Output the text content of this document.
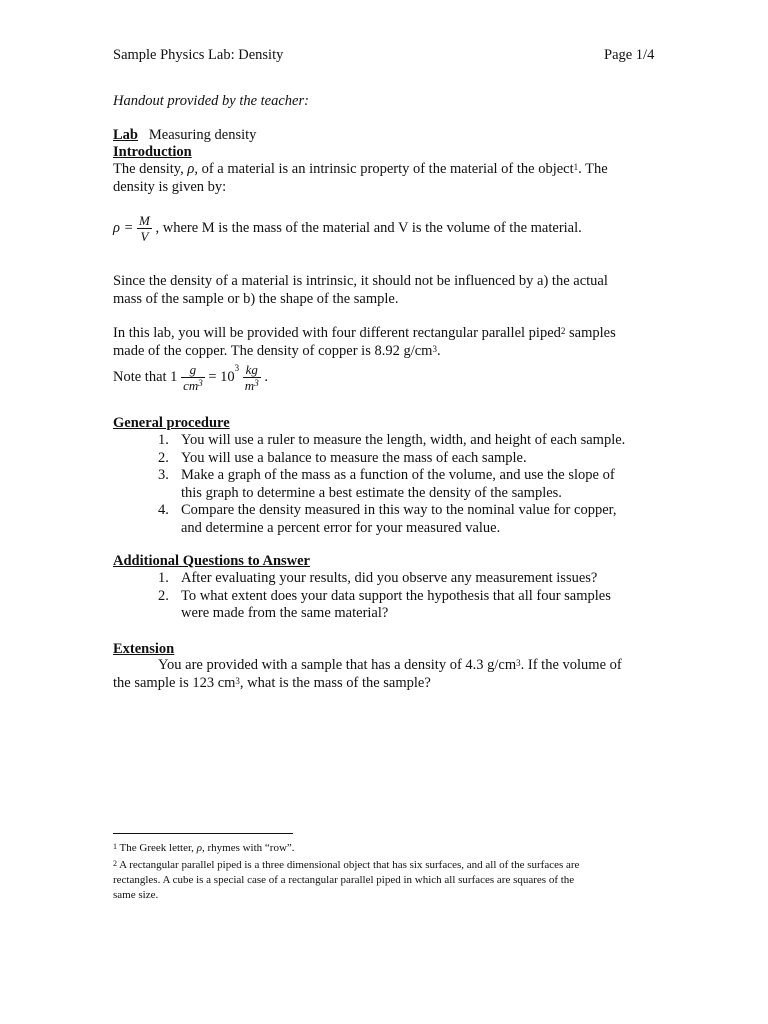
Sample Physics Lab: Density	Page 1/4
Handout provided by the teacher:
Lab Measuring density
Introduction
The density, ρ, of a material is an intrinsic property of the material of the object$^1$. The
density is given by:
$\rho = \frac{M}{V}$ , where M is the mass of the material and V is the volume of the material.
Since the density of a material is intrinsic, it should not be influenced by a) the actual
mass of the sample or b) the shape of the sample.
In this lab, you will be provided with four different rectangular parallel piped$^2$ samples
made of the copper. The density of copper is 8.92 $g/cm^3$.
Note that $1 \frac{g}{cm^3} = 10^3 \frac{kg}{m^3}$ .
General procedure
1. You will use a ruler to measure the length, width, and height of each sample.
2. You will use a balance to measure the mass of each sample.
3. Make a graph of the mass as a function of the volume, and use the slope of
this graph to determine a best estimate the density of the samples.
4. Compare the density measured in this way to the nominal value for copper,
and determine a percent error for your measured value.
Additional Questions to Answer
1. After evaluating your results, did you observe any measurement issues?
2. To what extent does your data support the hypothesis that all four samples
were made from the same material?
Extension
You are provided with a sample that has a density of 4.3 $g/cm^3$. If the volume of
the sample is 123 $cm^3$, what is the mass of the sample?
$^1$ The Greek letter, ρ, rhymes with “row”.
$^2$ A rectangular parallel piped is a three dimensional object that has six surfaces, and all of the surfaces are
rectangles. A cube is a special case of a rectangular parallel piped in which all surfaces are squares of the
same size.
